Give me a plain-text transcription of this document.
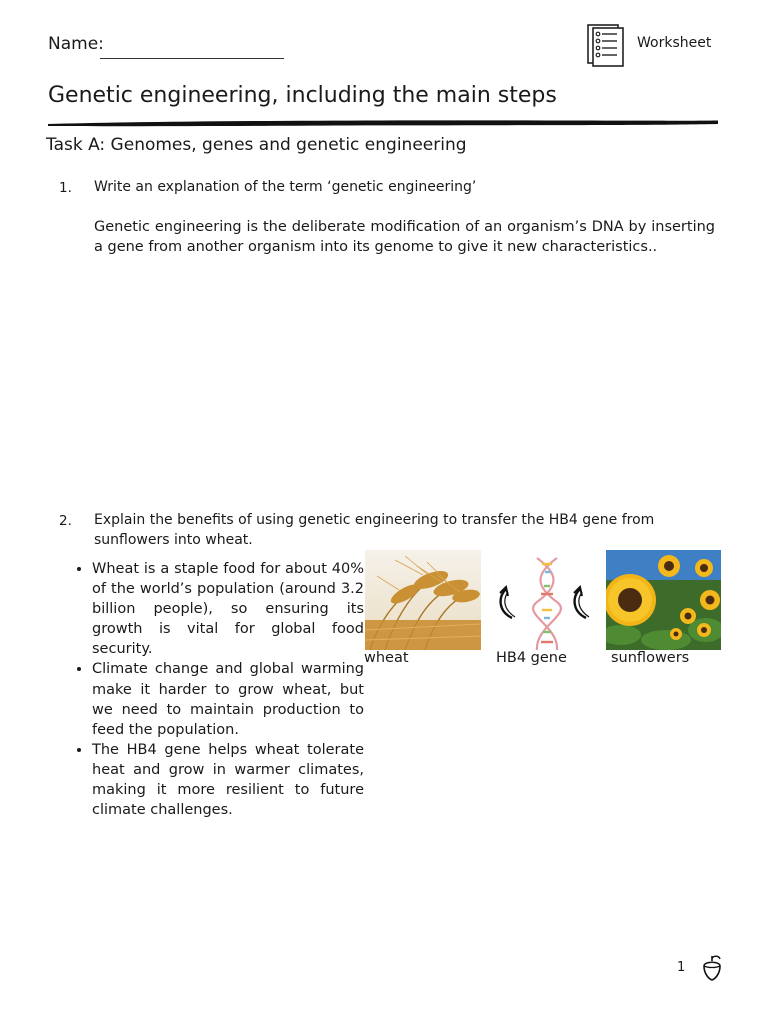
Name:	Worksheet
Genetic engineering, including the main steps
Task A: Genomes, genes and genetic engineering
1. Write an explanation of the term ‘genetic engineering’
Genetic engineering is the deliberate modification of an organism’s DNA by inserting a gene from another organism into its genome to give it new characteristics..
2. Explain the benefits of using genetic engineering to transfer the HB4 gene from
sunflowers into wheat.
• Wheat is a staple food for about 40% of the world’s population (around 3.2 billion people), so ensuring its growth is vital for global food security.
• Climate change and global warming make it harder to grow wheat, but we need to maintain production to feed the population.
• The HB4 gene helps wheat tolerate heat and grow in warmer climates, making it more resilient to future climate challenges.
wheat	HB4 gene	sunflowers
1
